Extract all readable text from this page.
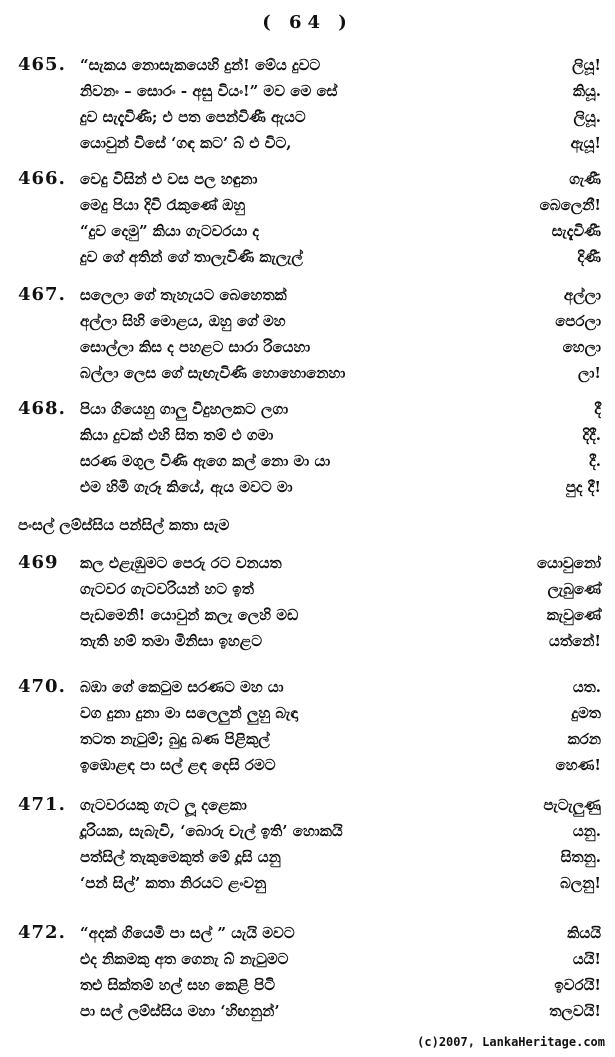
( 64 )
465. “සැකය නොසැකයෙහි දුන්! මේය දුවට	ලියූ!
නිවනං – සොරං - අසු වියං!” මව මෙ සේ	කියූ.
දුව සැදැවිණි; එ පත පෙන්විණී ඇයට	ලියූ.
යොවුන් විසේ ‘ගඳ කට’ බ් එ විට,	ඇයූ!
466. වෙදු විසින් එ වස පල හඳුනා	ගැණී
මෙදු පියා දිවි රැකුණේ ඔහු	බෙලෙනී!
“දුව දෙමු” කියා ගැටවරයා ද	සැදැවිණී
දුව ගේ අතින් ගේ තාලැවිණි කැලැල්	දිණී
467. සලෙලා ගේ තැහැයට බෙහෙතක්	අල්ලා
අල්ලා සිහි මොළය, ඔහු ගේ මහ	පෙරලා
සොල්ලා කිස ද පහළට සාරා රියෙහා	හෙලා
බල්ලා ලෙස ගේ සැඟැවිණි හොහොනෙහා	ලා!
468. පියා ගියෙහු ගාලු විදුහලකට ලගා	දී
කියා දුවක් එහි සිත තම් එ ගමා	දිදී.
සරණ මගුල විණි ඇගෙ කල් නො මා යා	දී.
එම හිමි ගැරූ කියේ, ඇය මවට මා	පුද දී!
පංසල් ලම්ස්සිය පන්සිල් කතා සැම
469 කල එළැඹුමට පෙරු රට වනයත	යොවුනෝ
ගැටවර ගැටවරියන් හට ඉත්	ලැබුණේ
පැඩමෙනි! යොවුන් කලැ ලෙහි මඩ	කැවුණේ
තැති හම් තමා මිනිසා ඉහළට	යත්නේ!
470. බඹා ගේ කෙටුම සරණට මහ යා	යත.
වග දුනා දුනා මා සලෙලුන් ලුහු බැඳා	දුමත
තටත නැටුම්; බුදු බණ පිළිකුල්	කරන
ඉඹොළඳ පා සල් ළඳ දෙසි රමට	හෙණ!
471. ගැටවරයකු ගැට ලූ දළෙකා	පැටැලුණු
දූරියක, සැබැවි, ‘බොරු චැල් ඉති’ හොකයි	යනු.
පත්සිල් තැකුමෙකුත් මේ දූසි යනු	සිතනු.
‘පන් සිල්’ කතා නිරයට ළංවනු	බලනු!
472. “අදක් ගියෙමි පා සල් ” යැයි මවට	කියයි
එද නිකමකු අත ගෙනැ බ් නැටුමට	යයි!
තළු සික්තම් හල් සහ කෙළි පිටි	ඉවරයි!
පා සල් ලම්ස්සිය මහා ‘හිඟනුන්’	තලවයි!
(c)2007, LankaHeritage.com
